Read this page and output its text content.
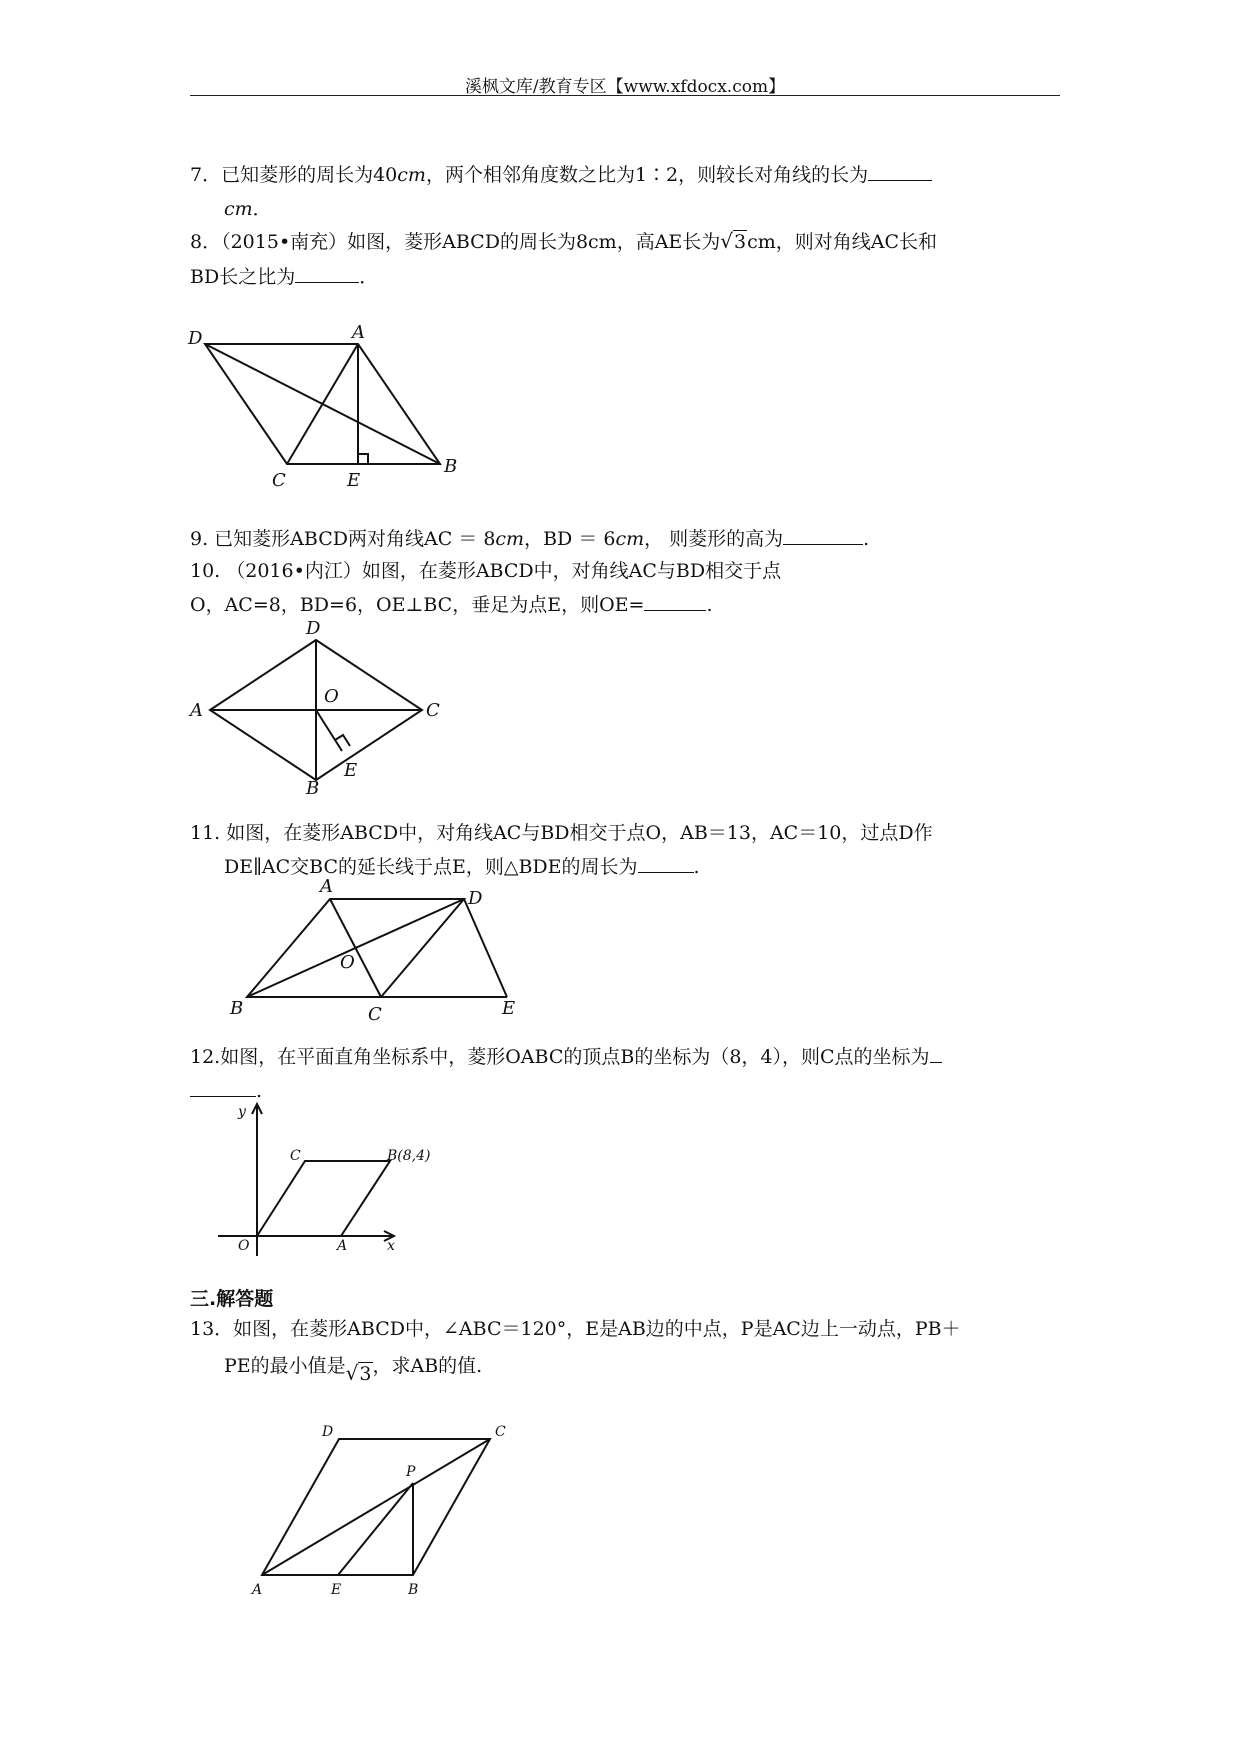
溪枫文库/教育专区【www.xfdocx.com】
7．已知菱形的周长为40cm，两个相邻角度数之比为1∶2，则较长对角线的长为
cm．
8．（2015•南充）如图，菱形ABCD的周长为8cm，高AE长为√3cm，则对角线AC长和
BD长之比为	．
D	A
C	E
B
9. 已知菱形ABCD两对角线AC ＝ 8cm，BD ＝ 6cm， 则菱形的高为	.
10. （2016•内江）如图，在菱形ABCD中，对角线AC与BD相交于点
O，AC=8，BD=6，OE⊥BC，垂足为点E，则OE=	.
D
O
A	C
E
B
11. 如图，在菱形ABCD中，对角线AC与BD相交于点O，AB＝13，AC＝10，过点D作
DE∥AC交BC的延长线于点E，则△BDE的周长为	.
A
D
O
B	C	E
12.如图，在平面直角坐标系中，菱形OABC的顶点B的坐标为（8，4），则C点的坐标为
.
y
C	B(8,4)
O	A	x
三.解答题
13．如图，在菱形ABCD中，∠ABC＝120°，E是AB边的中点，P是AC边上一动点，PB＋
PE的最小值是√3，求AB的值.
D	C
P
A	E	B
